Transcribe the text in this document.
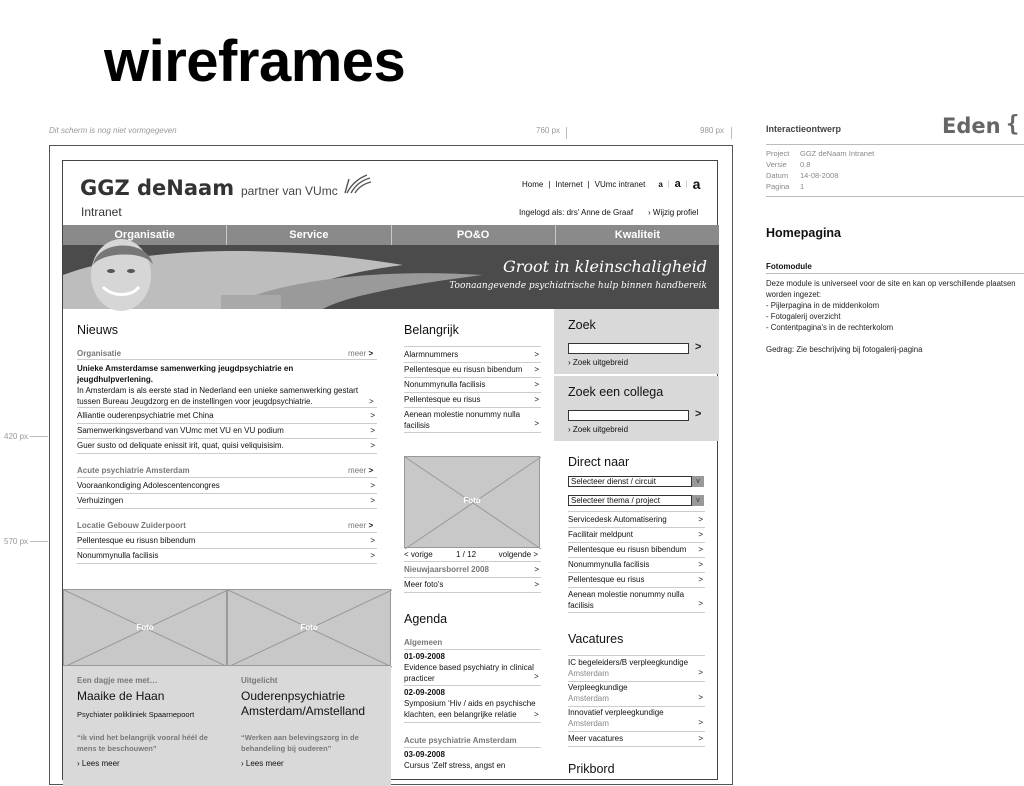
wireframes
Dit scherm is nog niet vormgegeven	760 px	980 px
420 px
570 px
GGZ deNaam partner van VUmc
Intranet
Home | Internet | VUmc intranet a | a | a
Ingelogd als: drs' Anne de Graaf › Wijzig profiel
Organisatie	Service	PO&O	Kwaliteit
Groot in kleinschaligheid
Toonaangevende psychiatrische hulp binnen handbereik
Nieuws
Organisatie	meer >
Unieke Amsterdamse samenwerking jeugdpsychiatrie en jeugdhulpverlening.
In Amsterdam is als eerste stad in Nederland een unieke samenwerking gestart tussen Bureau Jeugdzorg en de instellingen voor jeugdpsychiatrie.	>
Allianti​e ouderenpsychiatrie met China	>
Samenwerkingsverband van VUmc met VU en VU podium	>
Guer susto od deliquate enissit irit, quat, quisi veliquisisim.	>
Acute psychiatrie Amsterdam	meer >
Vooraankondiging Adolescentencongres	>
Verhuizingen	>
Locatie Gebouw Zuiderpoort	meer >
Pellentesque eu risusn bibendum	>
Nonummynulla facilisis	>
Foto	Foto
Een dagje mee met…
Maaike de Haan
Psychiater polikliniek Spaarnepoort
“ik vind het belangrijk vooral héél de mens te beschouwen”
› Lees meer
Uitgelicht
Ouderenpsychiatrie Amsterdam/Amstelland
“Werken aan belevingszorg in de behandeling bij ouderen”
› Lees meer
Belangrijk
Alarmnummers	>
Pellentesque eu risusn bibendum >
Nonummynulla facilisis	>
Pellentesque eu risus	>
Aenean molestie nonummy nulla facilisis	>
Foto
< vorige	1 / 12	volgende >
Nieuwjaarsborrel 2008	>
Meer foto's	>
Agenda
Algemeen
01-09-2008
Evidence based psychiatry in clinical practicer	>
02-09-2008
Symposium ‘Hiv / aids en psychische klachten, een belangrijke relatie	>
Acute psychiatrie Amsterdam
03-09-2008
Cursus ‘Zelf stress, angst en
Zoek
>
› Zoek uitgebreid
Zoek een collega
>
› Zoek uitgebreid
Direct naar
Selecteer dienst / circuit	v
Selecteer thema / project	v
Servicedesk Automatisering	>
Facilitair meldpunt	>
Pellentesque eu risusn bibendum >
Nonummynulla facilisis	>
Pellentesque eu risus	>
Aenean molestie nonummy nulla facilisis	>
Vacatures
IC begeleiders/B verpleegkundige
Amsterdam	>
Verpleegkundige
Amsterdam	>
Innovatief verpleegkundige
Amsterdam	>
Meer vacatures	>
Prikbord
Interactieontwerp	Eden {
Project GGZ deNaam Intranet
Versie 0.8
Datum 14-08-2008
Pagina 1
Homepagina
Fotomodule
Deze module is universeel voor de site en kan op verschillende plaatsen worden ingezet:
- Pijlerpagina in de middenkolom
- Fotogalerij overzicht
- Contentpagina's in de rechterkolom
Gedrag: Zie beschrijving bij fotogalerij-pagina
